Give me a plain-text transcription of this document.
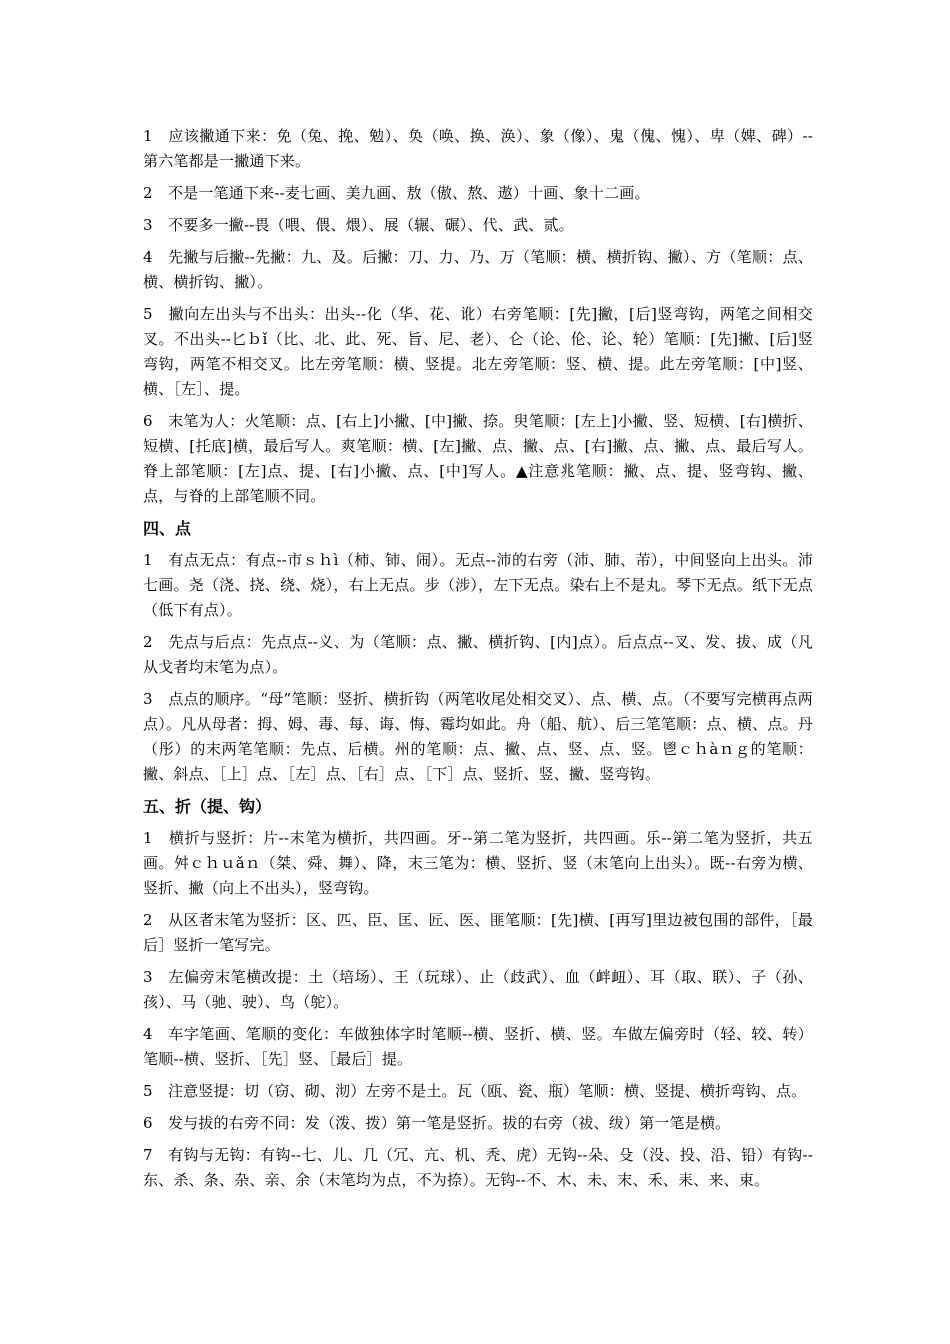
1　应该撇通下来：免（兔、挽、勉）、奂（唤、换、涣）、象（像）、鬼（傀、愧）、卑（婢、碑）--第六笔都是一撇通下来。

2　不是一笔通下来--麦七画、美九画、敖（傲、熬、遨）十画、象十二画。

3　不要多一撇--畏（喂、偎、煨）、展（辗、碾）、代、武、贰。

4　先撇与后撇--先撇：九、及。后撇：刀、力、乃、万（笔顺：横、横折钩、撇）、方（笔顺：点、横、横折钩、撇）。

5　撇向左出头与不出头：出头--化（华、花、讹）右旁笔顺：[先]撇，[后]竖弯钩，两笔之间相交叉。不出头--匕ｂǐ（比、北、此、死、旨、尼、老）、仑（论、伦、论、轮）笔顺：[先]撇、[后]竖弯钩，两笔不相交叉。比左旁笔顺：横、竖提。北左旁笔顺：竖、横、提。此左旁笔顺：[中]竖、横、［左］、提。

6　末笔为人：火笔顺：点、[右上]小撇、[中]撇、捺。臾笔顺：[左上]小撇、竖、短横、[右]横折、短横、[托底]横，最后写人。爽笔顺：横、[左]撇、点、撇、点、[右]撇、点、撇、点、最后写人。脊上部笔顺：[左]点、提、[右]小撇、点、[中]写人。▲注意兆笔顺：撇、点、提、竖弯钩、撇、点，与脊的上部笔顺不同。

四、点

1　有点无点：有点--市ｓｈì（柿、铈、闹）。无点--沛的右旁（沛、肺、芾），中间竖向上出头。沛七画。尧（浇、挠、绕、烧），右上无点。步（涉），左下无点。染右上不是丸。琴下无点。纸下无点（低下有点）。

2　先点与后点：先点点--义、为（笔顺：点、撇、横折钩、[内]点）。后点点--叉、发、拔、成（凡从戈者均末笔为点）。

3　点点的顺序。“母”笔顺：竖折、横折钩（两笔收尾处相交叉）、点、横、点。（不要写完横再点两点）。凡从母者：拇、姆、毒、每、诲、悔、霉均如此。舟（船、航）、后三笔笔顺：点、横、点。丹（彤）的末两笔笔顺：先点、后横。州的笔顺：点、撇、点、竖、点、竖。鬯ｃｈàｎｇ的笔顺：撇、斜点、［上］点、［左］点、［右］点、［下］点、竖折、竖、撇、竖弯钩。

五、折（提、钩）

1　横折与竖折：片--末笔为横折，共四画。牙--第二笔为竖折，共四画。乐--第二笔为竖折，共五画。舛ｃｈｕǎｎ（桀、舜、舞）、降，末三笔为：横、竖折、竖（末笔向上出头）。既--右旁为横、竖折、撇（向上不出头），竖弯钩。

2　从区者末笔为竖折：区、匹、臣、匡、匠、医、匪笔顺：[先]横、[再写]里边被包围的部件，［最后］竖折一笔写完。

3　左偏旁末笔横改提：土（培场）、王（玩球）、止（歧武）、血（衅衄）、耳（取、联）、子（孙、孩）、马（驰、驶）、鸟（鸵）。

4　车字笔画、笔顺的变化：车做独体字时笔顺--横、竖折、横、竖。车做左偏旁时（轻、较、转）笔顺--横、竖折、［先］竖、［最后］提。

5　注意竖提：切（窃、砌、沏）左旁不是土。瓦（瓯、瓷、瓶）笔顺：横、竖提、横折弯钩、点。

6　发与拔的右旁不同：发（泼、拨）第一笔是竖折。拔的右旁（祓、绂）第一笔是横。

7　有钩与无钩：有钩--七、儿、几（冗、亢、机、秃、虎）无钩--朵、殳（没、投、沿、铅）有钩--东、杀、条、杂、亲、余（末笔均为点，不为捺）。无钩--不、木、未、末、禾、耒、来、束。
